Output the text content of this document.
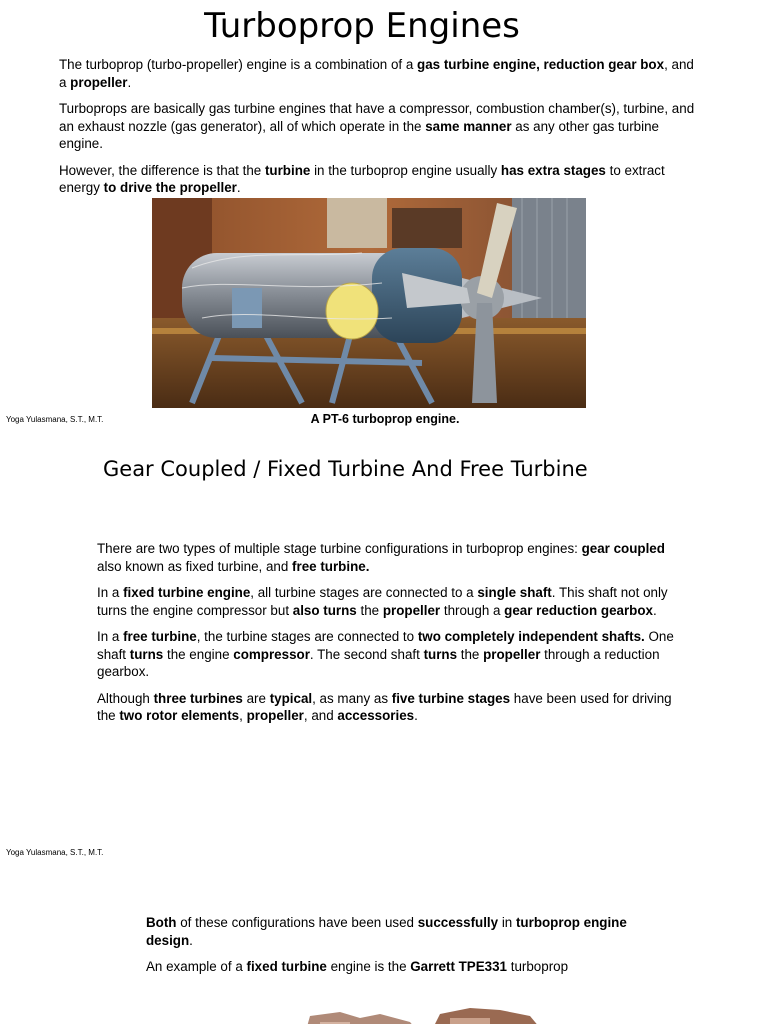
Turboprop Engines

The turboprop (turbo-propeller) engine is a combination of a gas turbine engine, reduction gear box, and a propeller.

Turboprops are basically gas turbine engines that have a compressor, combustion chamber(s), turbine, and an exhaust nozzle (gas generator), all of which operate in the same manner as any other gas turbine engine.

However, the difference is that the turbine in the turboprop engine usually has extra stages to extract energy to drive the propeller.

A PT-6 turboprop engine.

Yoga Yulasmana, S.T., M.T.

Gear Coupled / Fixed Turbine And Free Turbine

There are two types of multiple stage turbine configurations in turboprop engines: gear coupled also known as fixed turbine, and free turbine.

In a fixed turbine engine, all turbine stages are connected to a single shaft. This shaft not only turns the engine compressor but also turns the propeller through a gear reduction gearbox.

In a free turbine, the turbine stages are connected to two completely independent shafts. One shaft turns the engine compressor. The second shaft turns the propeller through a reduction gearbox.

Although three turbines are typical, as many as five turbine stages have been used for driving the two rotor elements, propeller, and accessories.

Yoga Yulasmana, S.T., M.T.

Both of these configurations have been used successfully in turboprop engine design.

An example of a fixed turbine engine is the Garrett TPE331 turboprop
